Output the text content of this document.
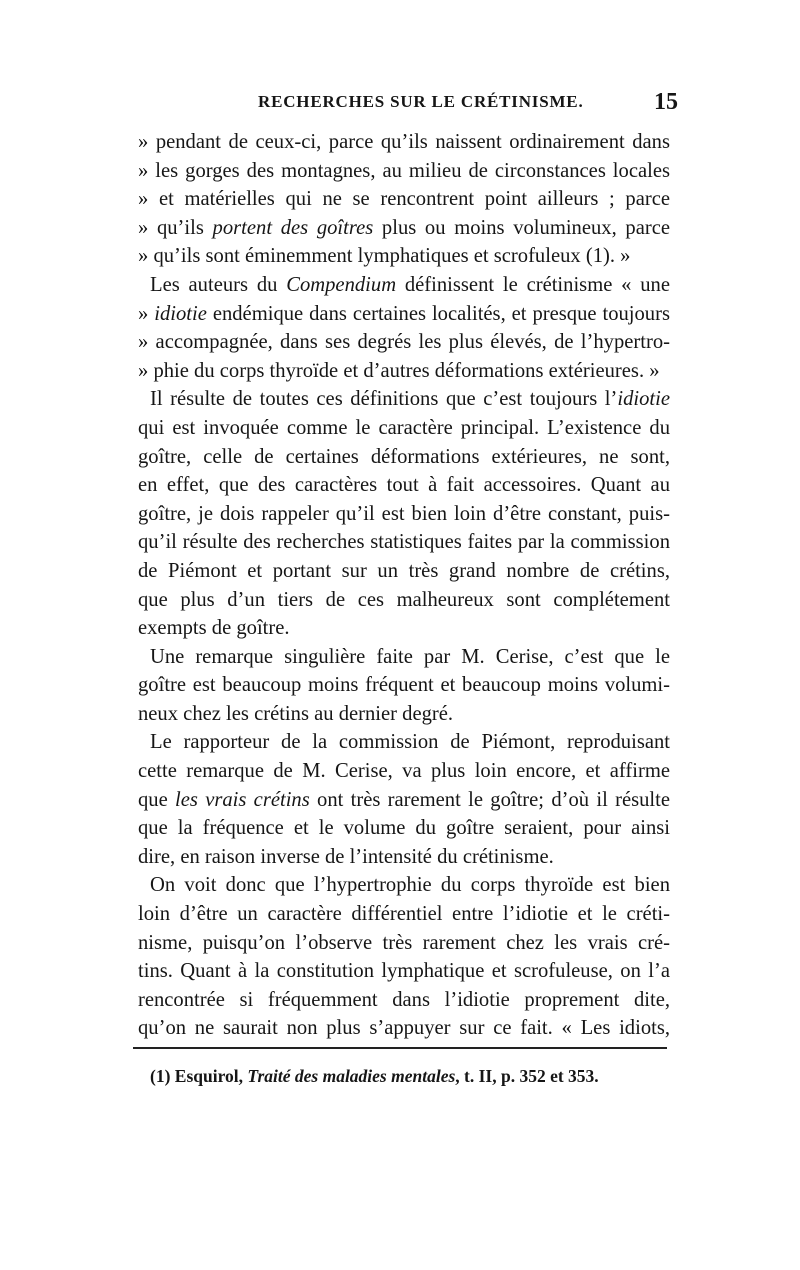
RECHERCHES SUR LE CRÉTINISME.	15
» pendant de ceux-ci, parce qu’ils naissent ordinairement dans
» les gorges des montagnes, au milieu de circonstances locales
» et matérielles qui ne se rencontrent point ailleurs ; parce
» qu’ils portent des goîtres plus ou moins volumineux, parce
» qu’ils sont éminemment lymphatiques et scrofuleux (1). »
Les auteurs du Compendium définissent le crétinisme « une
» idiotie endémique dans certaines localités, et presque toujours
» accompagnée, dans ses degrés les plus élevés, de l’hypertro-
» phie du corps thyroïde et d’autres déformations extérieures. »
Il résulte de toutes ces définitions que c’est toujours l’idiotie
qui est invoquée comme le caractère principal. L’existence du
goître, celle de certaines déformations extérieures, ne sont,
en effet, que des caractères tout à fait accessoires. Quant au
goître, je dois rappeler qu’il est bien loin d’être constant, puis-
qu’il résulte des recherches statistiques faites par la commission
de Piémont et portant sur un très grand nombre de crétins,
que plus d’un tiers de ces malheureux sont complétement
exempts de goître.
Une remarque singulière faite par M. Cerise, c’est que le
goître est beaucoup moins fréquent et beaucoup moins volumi-
neux chez les crétins au dernier degré.
Le rapporteur de la commission de Piémont, reproduisant
cette remarque de M. Cerise, va plus loin encore, et affirme
que les vrais crétins ont très rarement le goître; d’où il résulte
que la fréquence et le volume du goître seraient, pour ainsi
dire, en raison inverse de l’intensité du crétinisme.
On voit donc que l’hypertrophie du corps thyroïde est bien
loin d’être un caractère différentiel entre l’idiotie et le créti-
nisme, puisqu’on l’observe très rarement chez les vrais cré-
tins. Quant à la constitution lymphatique et scrofuleuse, on l’a
rencontrée si fréquemment dans l’idiotie proprement dite,
qu’on ne saurait non plus s’appuyer sur ce fait. « Les idiots,
(1) Esquirol, Traité des maladies mentales, t. II, p. 352 et 353.
